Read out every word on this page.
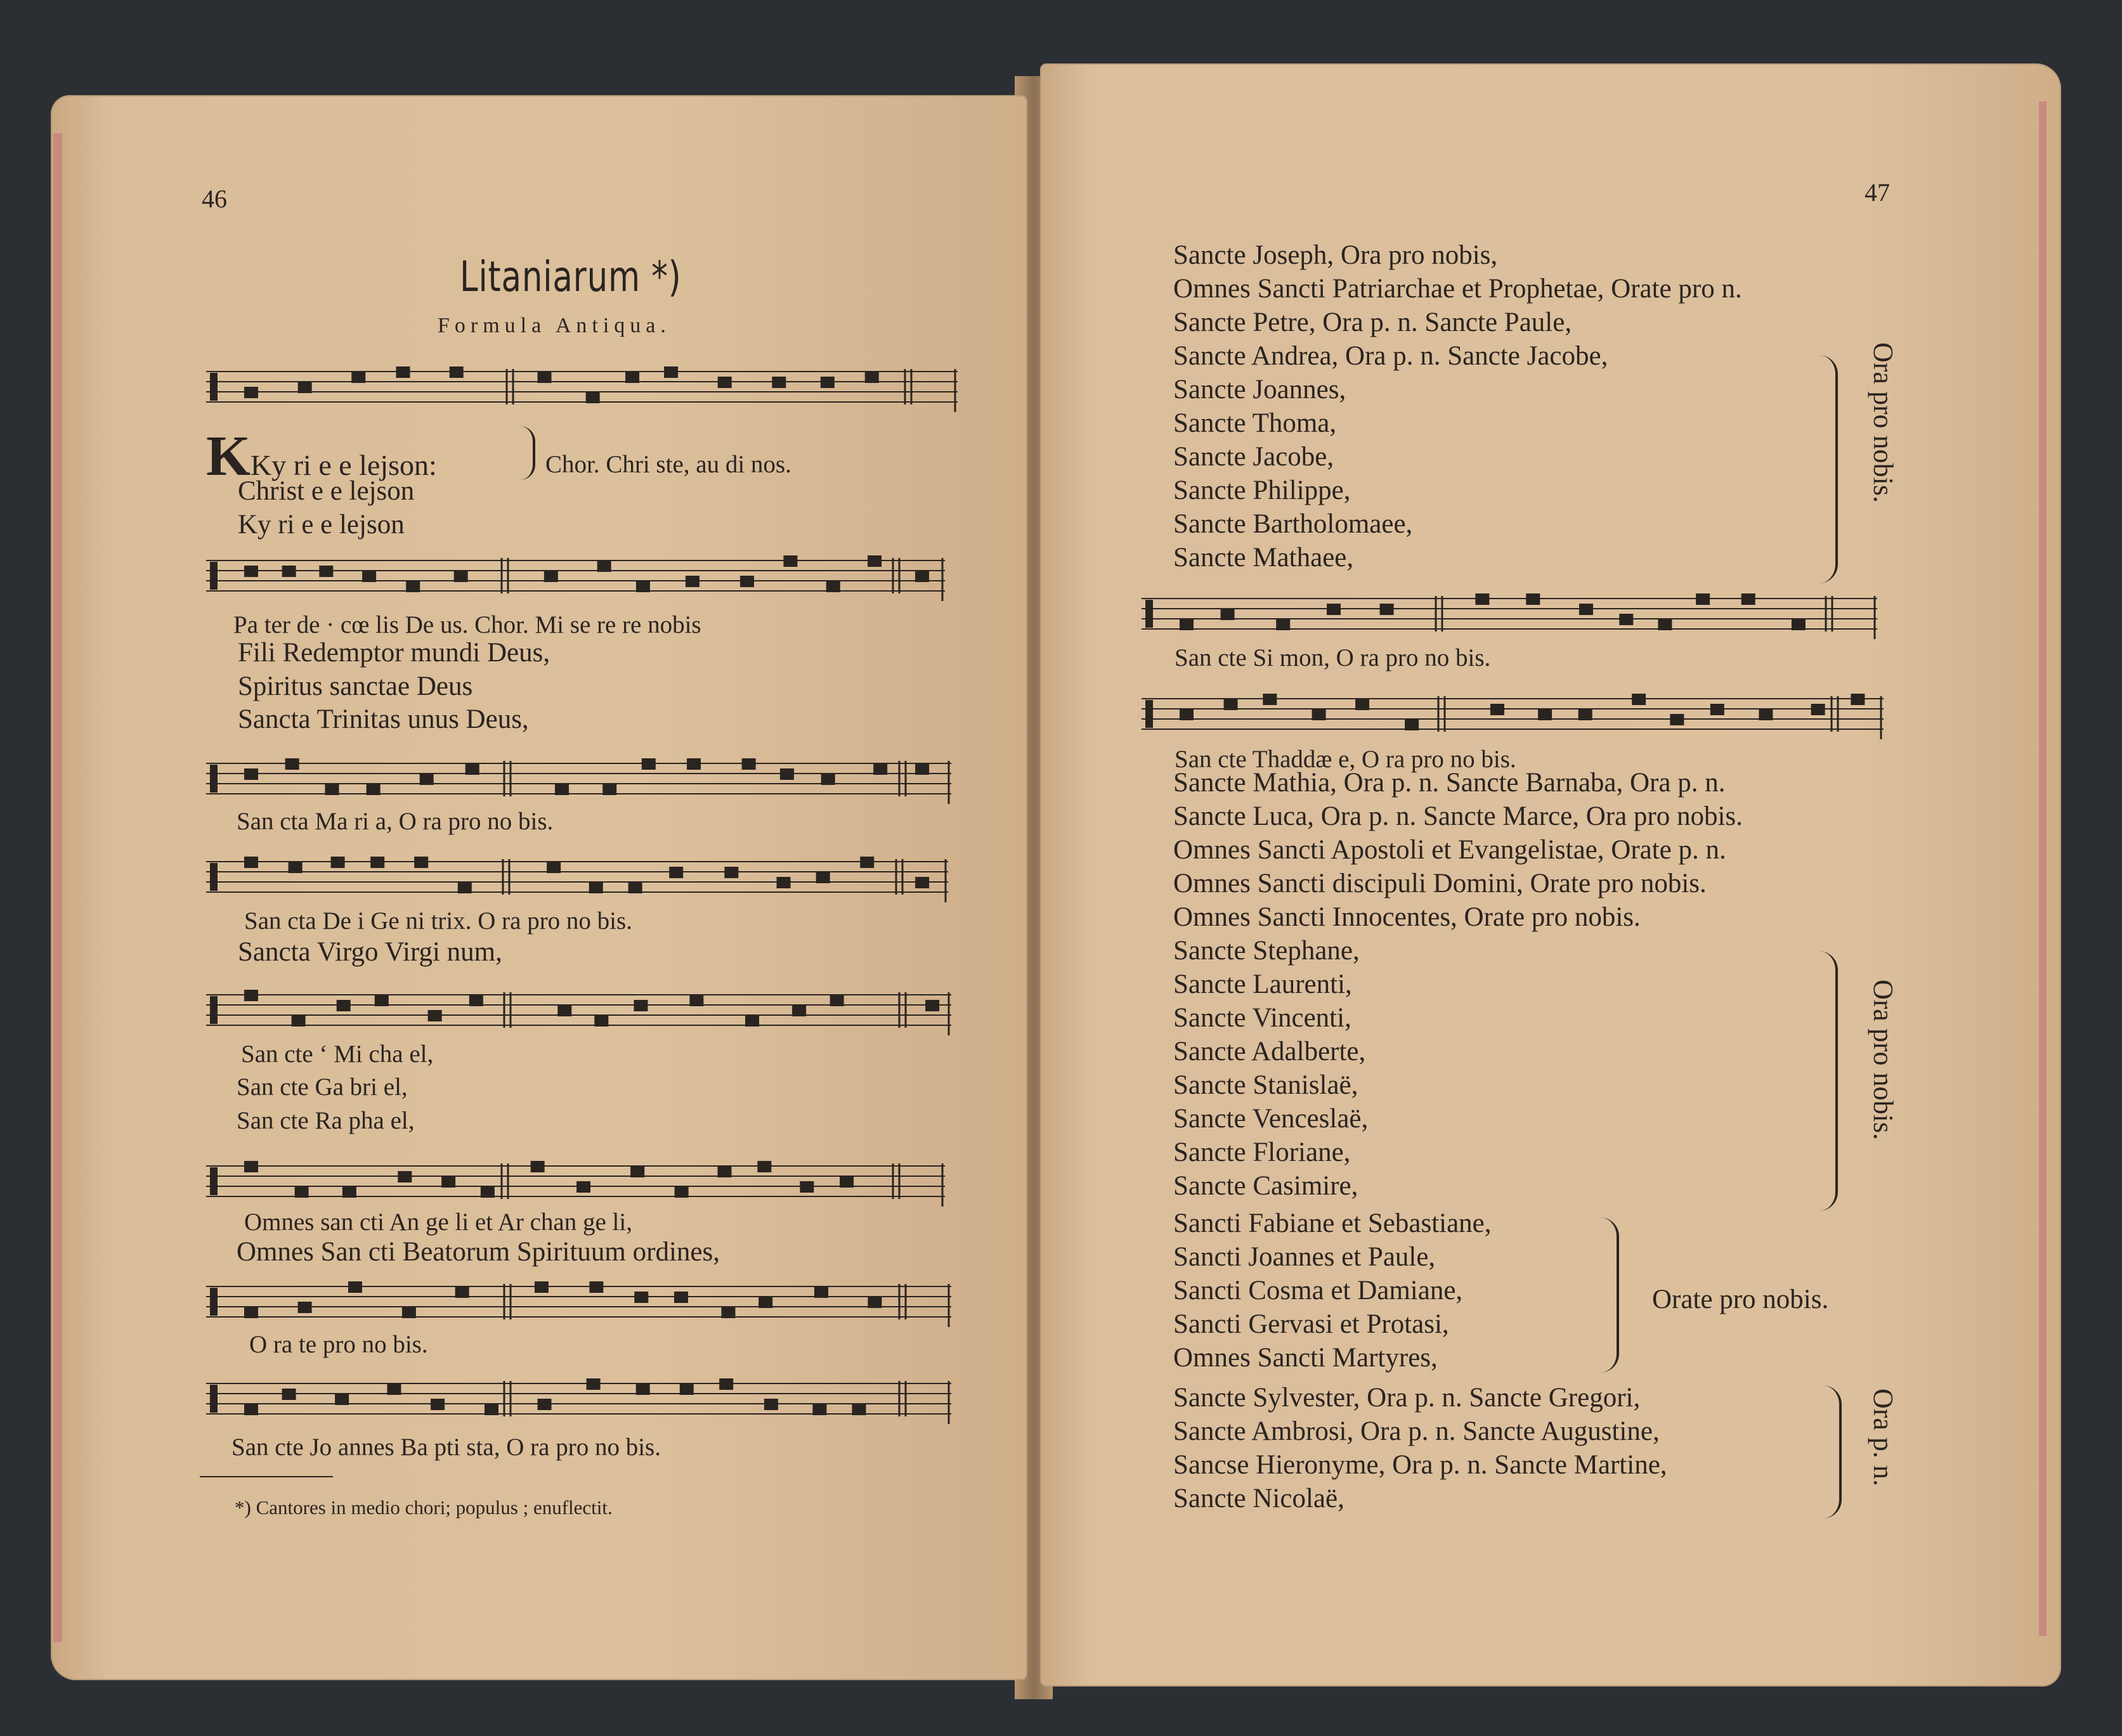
46
Litaniarum *)
Formula Antiqua.
KKy ri e e lejson:	Chor. Chri ste, au di nos.
Christ e e lejson
Ky ri e e lejson
Pa ter de · cœ lis De us. Chor. Mi se re re nobis
Fili Redemptor mundi Deus,
Spiritus sanctae Deus
Sancta Trinitas unus Deus,
San cta Ma ri a, O ra pro no bis.
San cta De i Ge ni trix. O ra pro no bis.
Sancta Virgo Virgi num,
San cte ‘ Mi cha el,
San cte Ga bri el,
San cte Ra pha el,
Omnes san cti An ge li et Ar chan ge li,
Omnes San cti Beatorum Spirituum ordines,
O ra te pro no bis.
San cte Jo annes Ba pti sta, O ra pro no bis.
*) Cantores in medio chori; populus ; enuflectit.
47
Sancte Joseph, Ora pro nobis,
Omnes Sancti Patriarchae et Prophetae, Orate pro n.
Sancte Petre, Ora p. n. Sancte Paule,
Sancte Andrea, Ora p. n. Sancte Jacobe,
Sancte Joannes,
Sancte Thoma,
Sancte Jacobe,
Sancte Philippe,
Sancte Bartholomaee,
Sancte Mathaee,
Ora pro nobis.
San cte Si mon, O ra pro no bis.
San cte Thaddæ e, O ra pro no bis.
Sancte Mathia, Ora p. n. Sancte Barnaba, Ora p. n.
Sancte Luca, Ora p. n. Sancte Marce, Ora pro nobis.
Omnes Sancti Apostoli et Evangelistae, Orate p. n.
Omnes Sancti discipuli Domini, Orate pro nobis.
Omnes Sancti Innocentes, Orate pro nobis.
Sancte Stephane,
Sancte Laurenti,
Sancte Vincenti,
Sancte Adalberte,
Sancte Stanislaë,
Sancte Venceslaë,
Sancte Floriane,
Sancte Casimire,
Ora pro nobis.
Sancti Fabiane et Sebastiane,
Sancti Joannes et Paule,
Sancti Cosma et Damiane,
Sancti Gervasi et Protasi,
Omnes Sancti Martyres,
Orate pro nobis.
Sancte Sylvester, Ora p. n. Sancte Gregori,
Sancte Ambrosi, Ora p. n. Sancte Augustine,
Sancse Hieronyme, Ora p. n. Sancte Martine,
Sancte Nicolaë,
Ora p. n.
